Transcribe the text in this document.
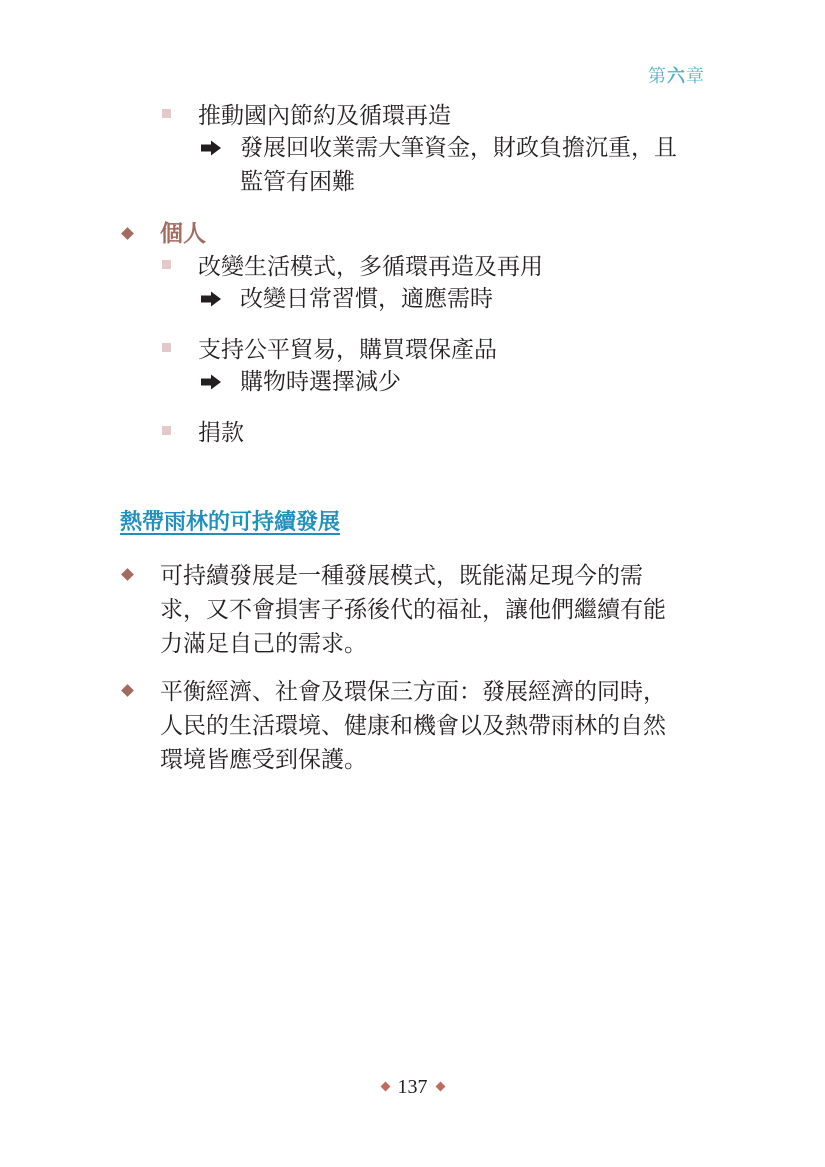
第六章
推動國內節約及循環再造
發展回收業需大筆資金，財政負擔沉重，且
監管有困難
個人
改變生活模式，多循環再造及再用
改變日常習慣，適應需時
支持公平貿易，購買環保產品
購物時選擇減少
捐款
熱帶雨林的可持續發展
可持續發展是一種發展模式，既能滿足現今的需
求，又不會損害子孫後代的福祉，讓他們繼續有能
力滿足自己的需求。
平衡經濟、社會及環保三方面：發展經濟的同時，
人民的生活環境、健康和機會以及熱帶雨林的自然
環境皆應受到保護。
137
